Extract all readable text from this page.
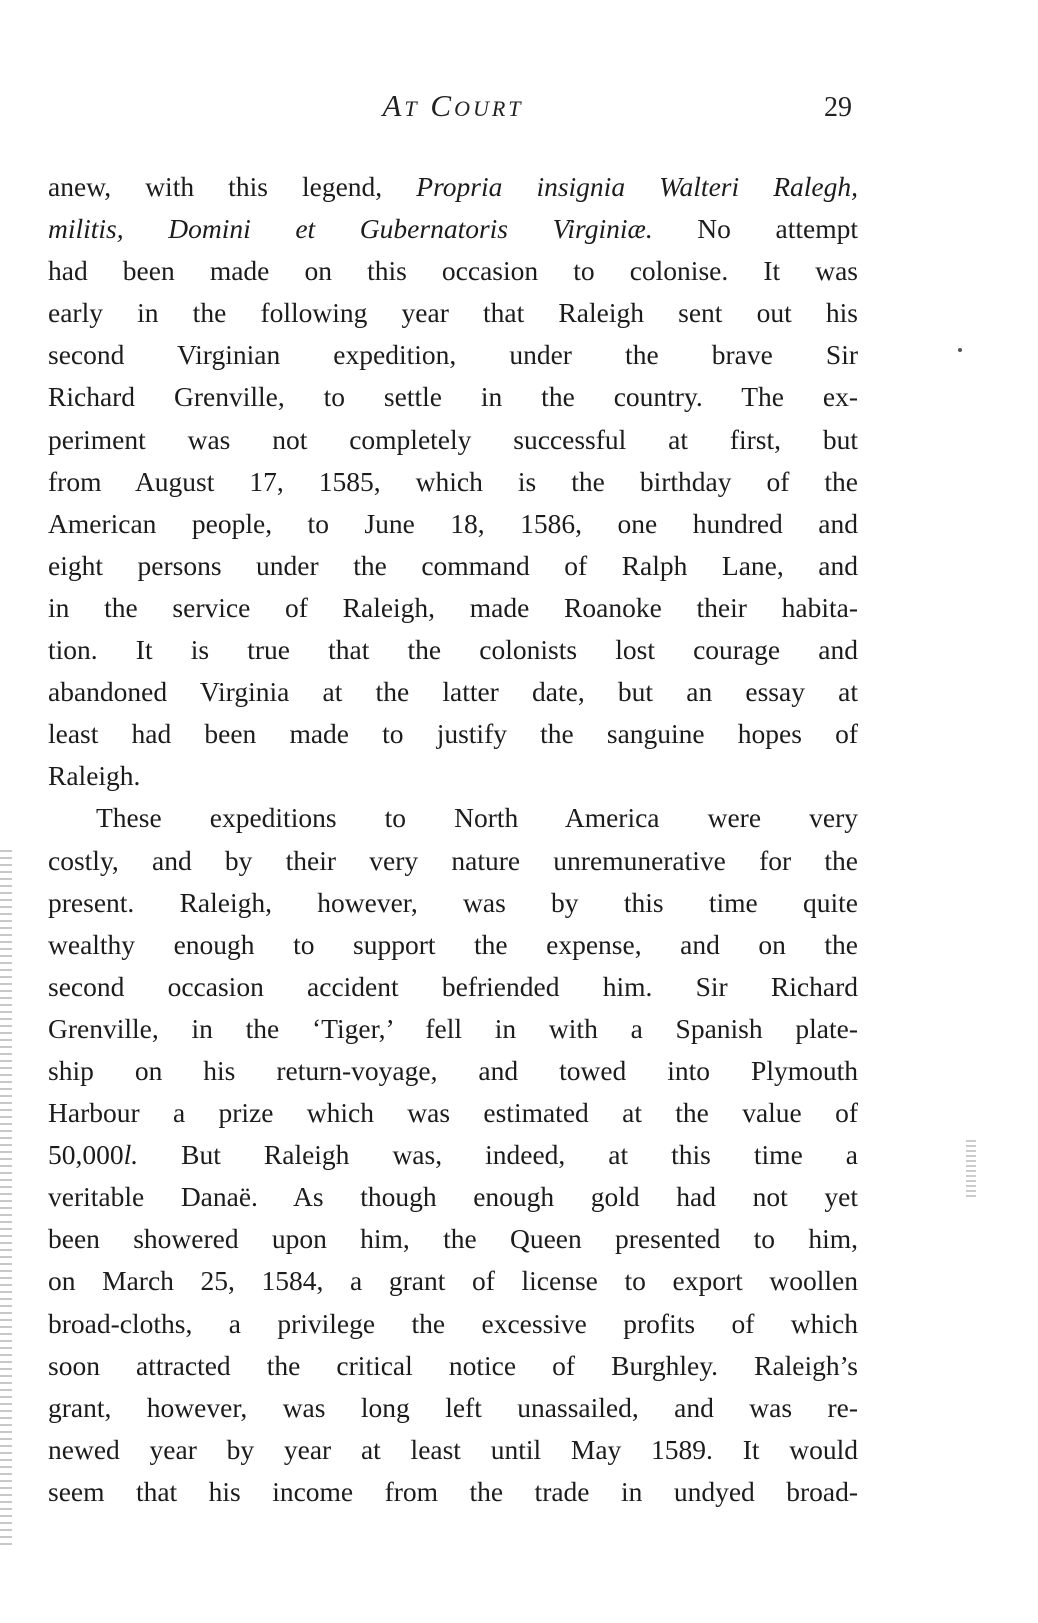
At Court	29
anew, with this legend, Propria insignia Walteri Ralegh,
militis, Domini et Gubernatoris Virginiæ. No attempt
had been made on this occasion to colonise. It was
early in the following year that Raleigh sent out his
second Virginian expedition, under the brave Sir
Richard Grenville, to settle in the country. The ex-
periment was not completely successful at first, but
from August 17, 1585, which is the birthday of the
American people, to June 18, 1586, one hundred and
eight persons under the command of Ralph Lane, and
in the service of Raleigh, made Roanoke their habita-
tion. It is true that the colonists lost courage and
abandoned Virginia at the latter date, but an essay at
least had been made to justify the sanguine hopes of
Raleigh.
These expeditions to North America were very
costly, and by their very nature unremunerative for the
present. Raleigh, however, was by this time quite
wealthy enough to support the expense, and on the
second occasion accident befriended him. Sir Richard
Grenville, in the ‘Tiger,’ fell in with a Spanish plate-
ship on his return-voyage, and towed into Plymouth
Harbour a prize which was estimated at the value of
50,000l. But Raleigh was, indeed, at this time a
veritable Danaë. As though enough gold had not yet
been showered upon him, the Queen presented to him,
on March 25, 1584, a grant of license to export woollen
broad-cloths, a privilege the excessive profits of which
soon attracted the critical notice of Burghley. Raleigh’s
grant, however, was long left unassailed, and was re-
newed year by year at least until May 1589. It would
seem that his income from the trade in undyed broad-
